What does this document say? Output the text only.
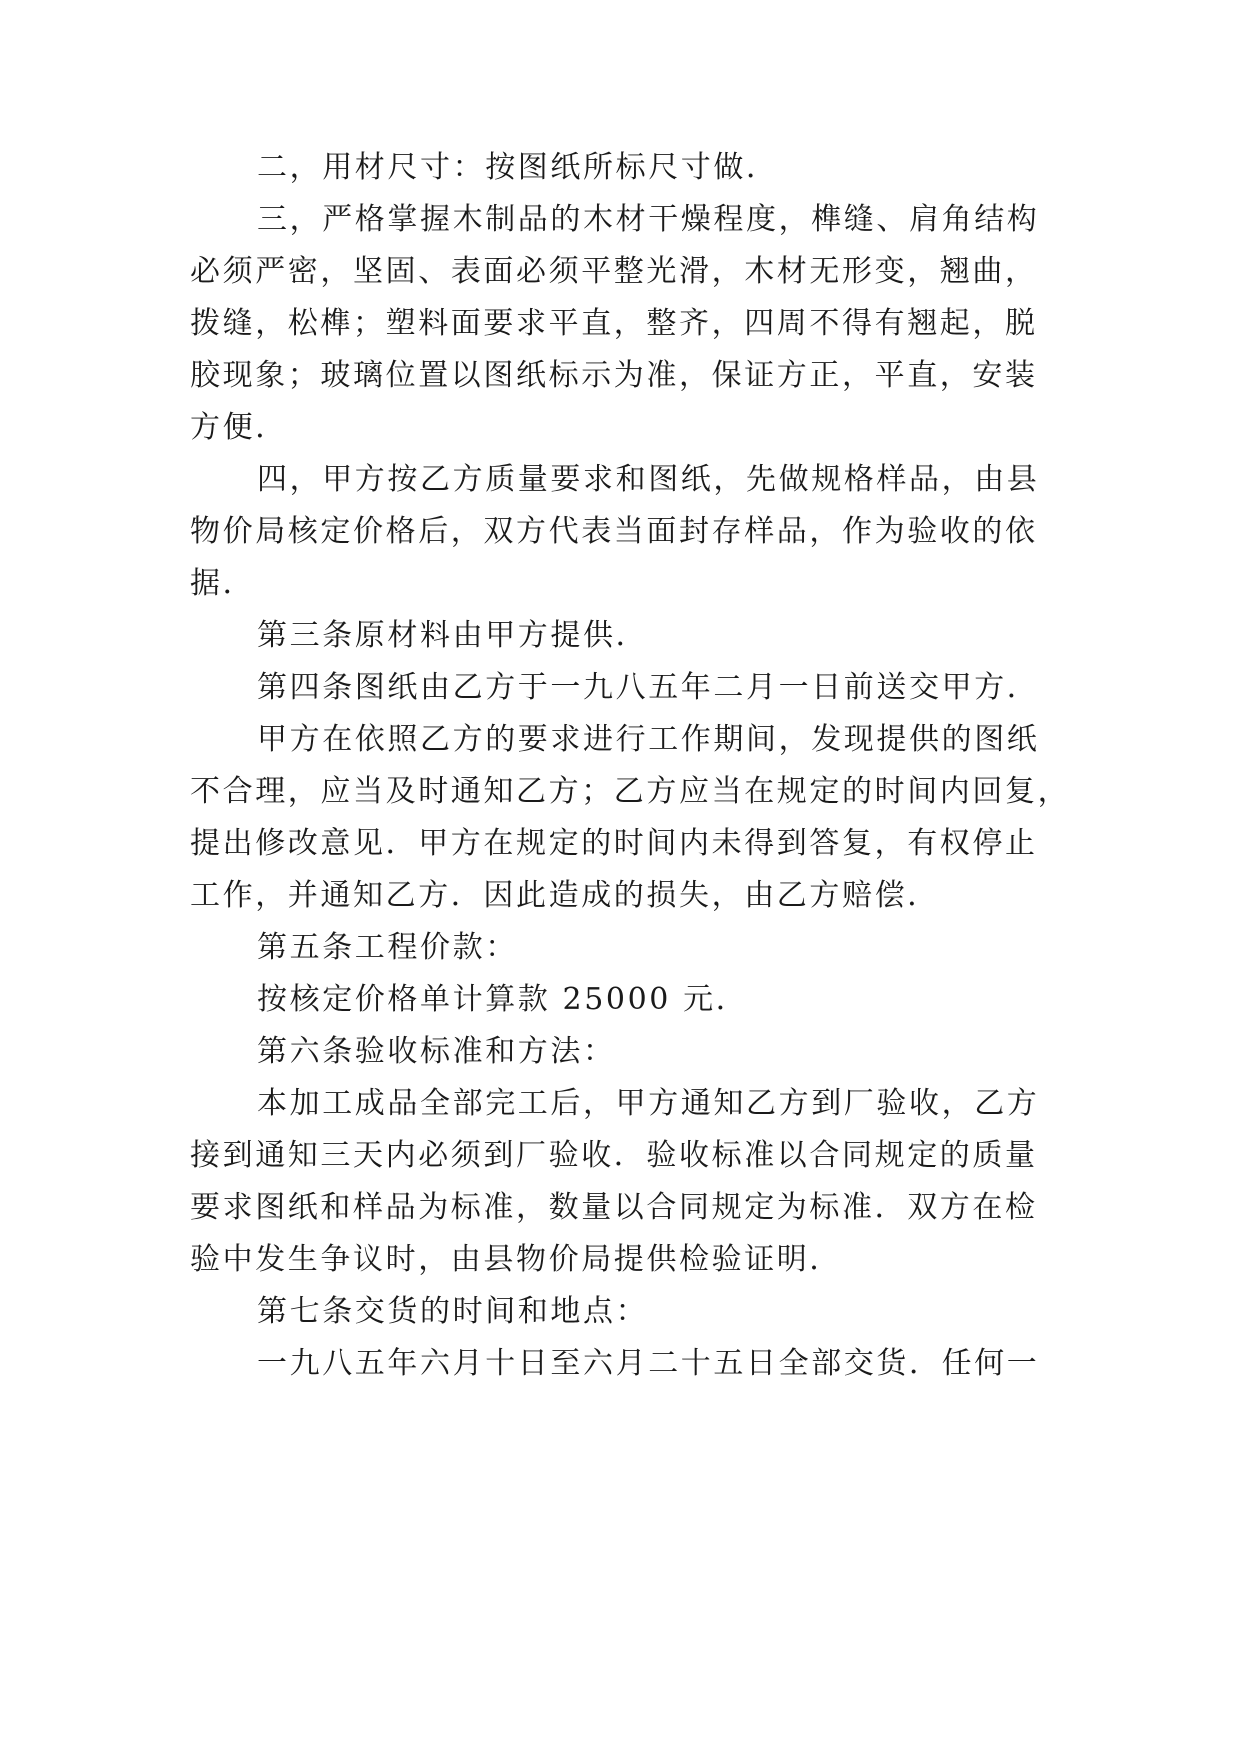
二，用材尺寸：按图纸所标尺寸做．

三，严格掌握木制品的木材干燥程度，榫缝、肩角结构

必须严密，坚固、表面必须平整光滑，木材无形变，翘曲，

拨缝，松榫；塑料面要求平直，整齐，四周不得有翘起，脱

胶现象；玻璃位置以图纸标示为准，保证方正，平直，安装

方便．

四，甲方按乙方质量要求和图纸，先做规格样品，由县

物价局核定价格后，双方代表当面封存样品，作为验收的依

据．

第三条原材料由甲方提供．

第四条图纸由乙方于一九八五年二月一日前送交甲方．

甲方在依照乙方的要求进行工作期间，发现提供的图纸

不合理，应当及时通知乙方；乙方应当在规定的时间内回复，

提出修改意见．甲方在规定的时间内未得到答复，有权停止

工作，并通知乙方．因此造成的损失，由乙方赔偿．

第五条工程价款：

按核定价格单计算款 25000 元．

第六条验收标准和方法：

本加工成品全部完工后，甲方通知乙方到厂验收，乙方

接到通知三天内必须到厂验收．验收标准以合同规定的质量

要求图纸和样品为标准，数量以合同规定为标准．双方在检

验中发生争议时，由县物价局提供检验证明．

第七条交货的时间和地点：

一九八五年六月十日至六月二十五日全部交货．任何一
